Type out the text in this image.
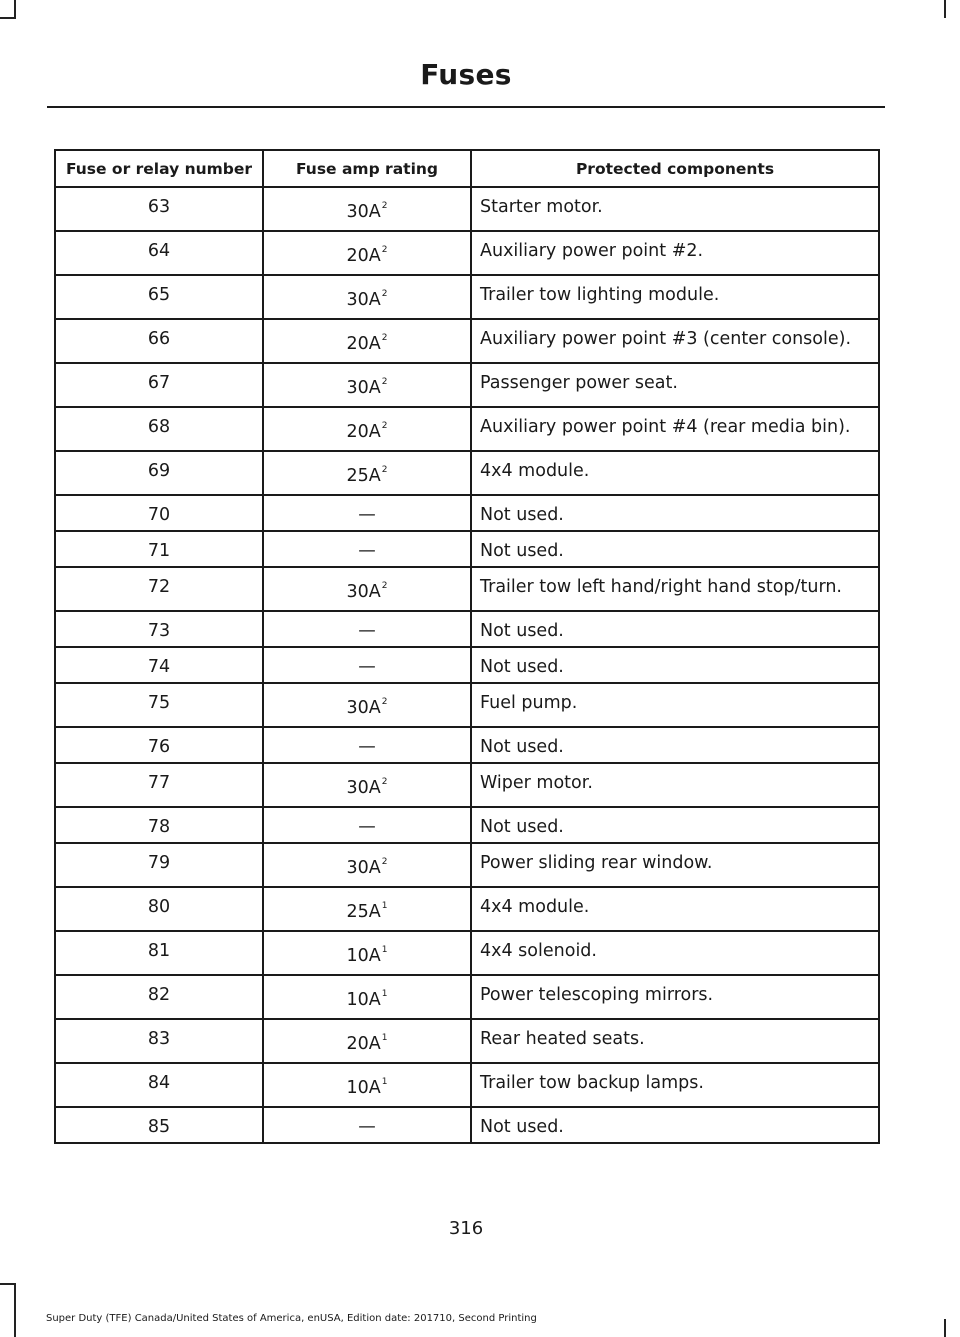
Fuses
Fuse or relay number	Fuse amp rating	Protected components
63	$30A^2$	Starter motor.
64	$20A^2$	Auxiliary power point #2.
65	$30A^2$	Trailer tow lighting module.
66	$20A^2$	Auxiliary power point #3 (center console).
67	$30A^2$	Passenger power seat.
68	$20A^2$	Auxiliary power point #4 (rear media bin).
69	$25A^2$	4x4 module.
70	—	Not used.
71	—	Not used.
72	$30A^2$	Trailer tow left hand/right hand stop/turn.
73	—	Not used.
74	—	Not used.
75	$30A^2$	Fuel pump.
76	—	Not used.
77	$30A^2$	Wiper motor.
78	—	Not used.
79	$30A^2$	Power sliding rear window.
80	$25A^1$	4x4 module.
81	$10A^1$	4x4 solenoid.
82	$10A^1$	Power telescoping mirrors.
83	$20A^1$	Rear heated seats.
84	$10A^1$	Trailer tow backup lamps.
85	—	Not used.
316
Super Duty (TFE) Canada/United States of America, enUSA, Edition date: 201710, Second Printing
